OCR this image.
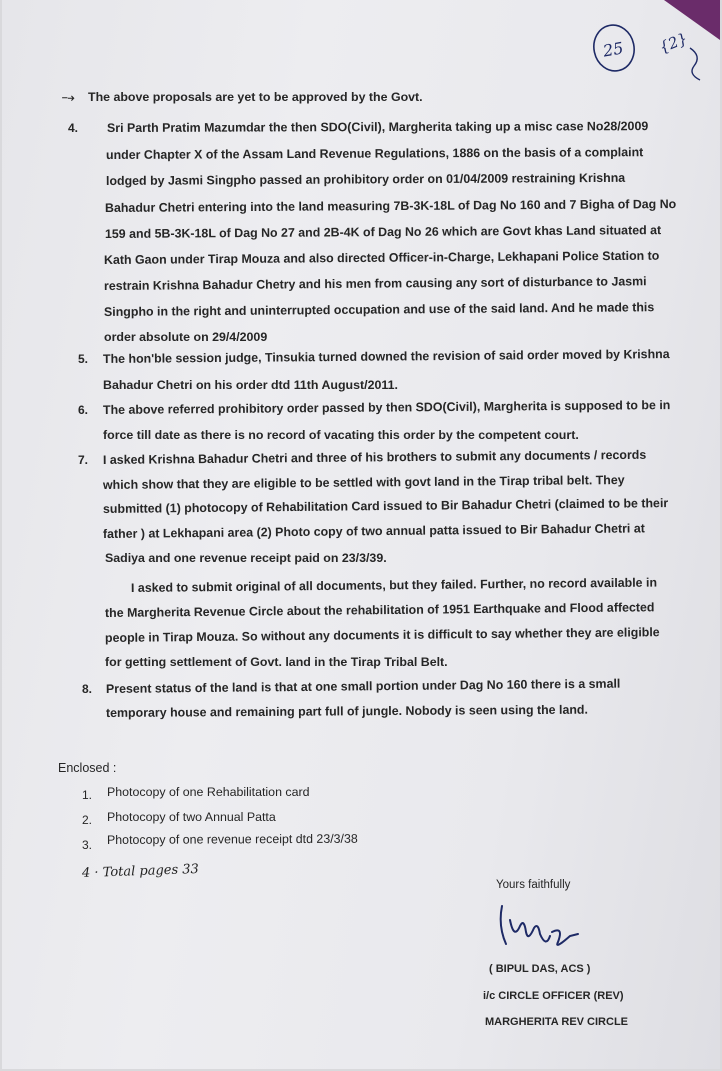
25 {2}
⤍ The above proposals are yet to be approved by the Govt.
4. Sri Parth Pratim Mazumdar the then SDO(Civil), Margherita taking up a misc case No28/2009
under Chapter X of the Assam Land Revenue Regulations, 1886 on the basis of a complaint
lodged by Jasmi Singpho passed an prohibitory order on 01/04/2009 restraining Krishna
Bahadur Chetri entering into the land measuring 7B-3K-18L of Dag No 160 and 7 Bigha of Dag No
159 and 5B-3K-18L of Dag No 27 and 2B-4K of Dag No 26 which are Govt khas Land situated at
Kath Gaon under Tirap Mouza and also directed Officer-in-Charge, Lekhapani Police Station to
restrain Krishna Bahadur Chetry and his men from causing any sort of disturbance to Jasmi
Singpho in the right and uninterrupted occupation and use of the said land. And he made this
order absolute on 29/4/2009
5. The hon'ble session judge, Tinsukia turned downed the revision of said order moved by Krishna
Bahadur Chetri on his order dtd 11th August/2011.
6. The above referred prohibitory order passed by then SDO(Civil), Margherita is supposed to be in
force till date as there is no record of vacating this order by the competent court.
7. I asked Krishna Bahadur Chetri and three of his brothers to submit any documents / records
which show that they are eligible to be settled with govt land in the Tirap tribal belt. They
submitted (1) photocopy of Rehabilitation Card issued to Bir Bahadur Chetri (claimed to be their
father ) at Lekhapani area (2) Photo copy of two annual patta issued to Bir Bahadur Chetri at
Sadiya and one revenue receipt paid on 23/3/39.
I asked to submit original of all documents, but they failed. Further, no record available in
the Margherita Revenue Circle about the rehabilitation of 1951 Earthquake and Flood affected
people in Tirap Mouza. So without any documents it is difficult to say whether they are eligible
for getting settlement of Govt. land in the Tirap Tribal Belt.
8. Present status of the land is that at one small portion under Dag No 160 there is a small
temporary house and remaining part full of jungle. Nobody is seen using the land.
Enclosed :
1. Photocopy of one Rehabilitation card
2. Photocopy of two Annual Patta
3. Photocopy of one revenue receipt dtd 23/3/38
4 · Total pages 33
Yours faithfully
( BIPUL DAS, ACS )
i/c CIRCLE OFFICER (REV)
MARGHERITA REV CIRCLE
